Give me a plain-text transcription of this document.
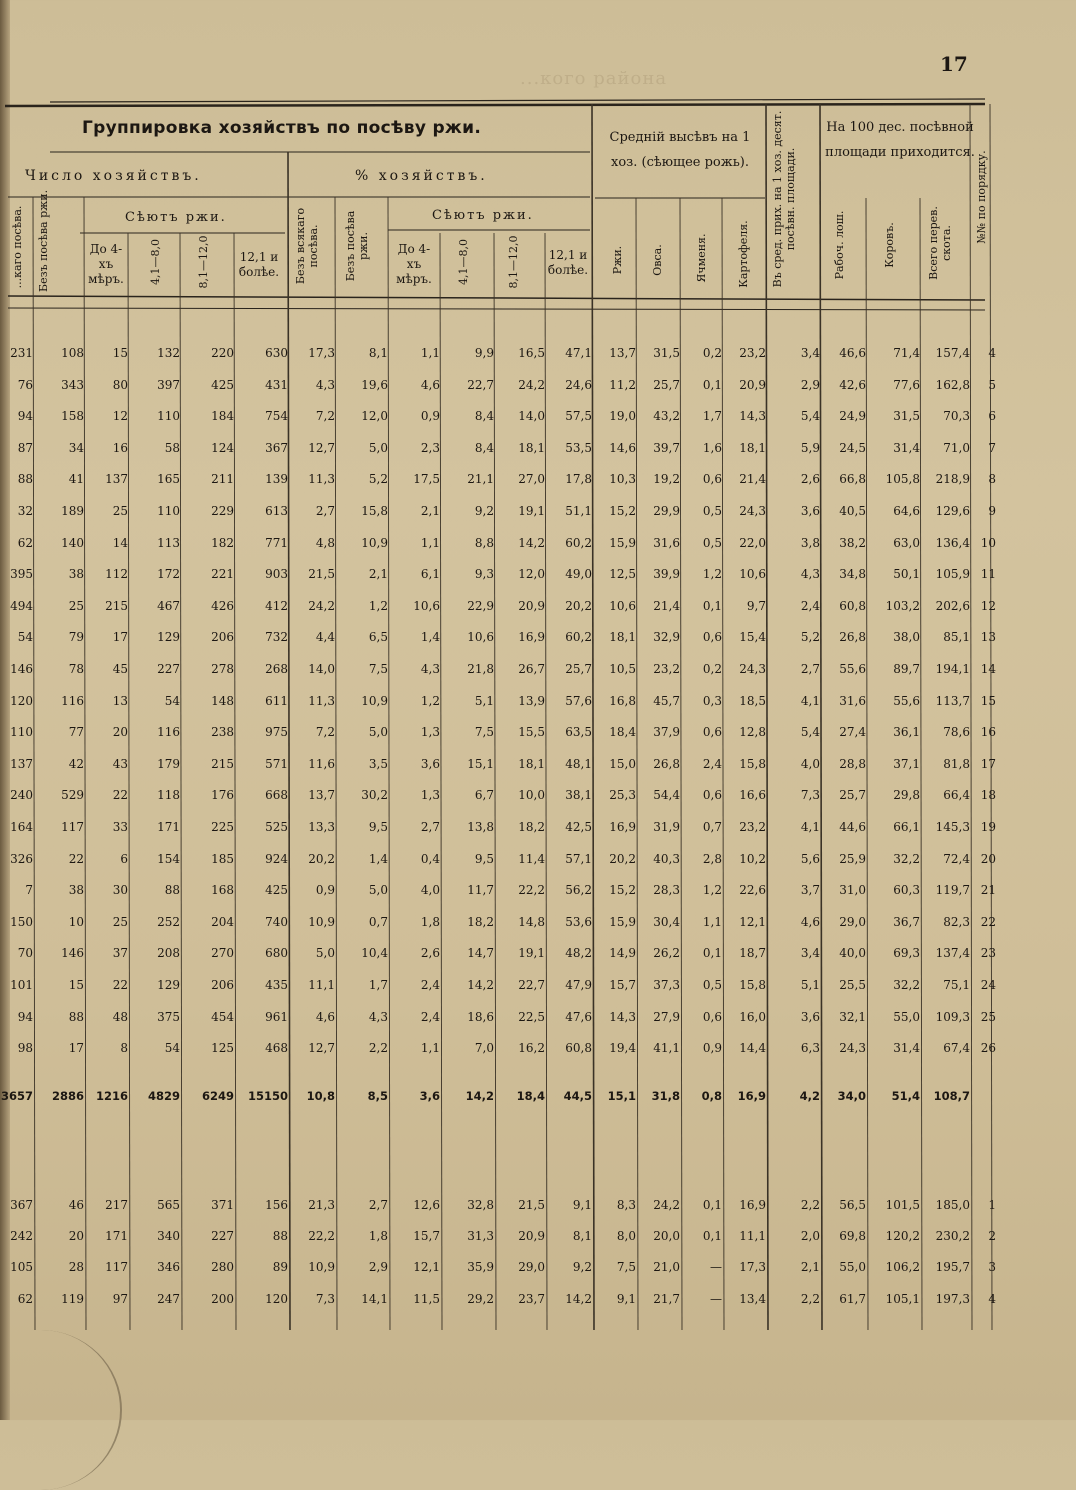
...кого района
17
Группировка хозяйствъ по посѣву ржи.
Число хозяйствъ.	% хозяйствъ.
Сѣютъ ржи.	Сѣютъ ржи.
Среднiй высѣвъ на 1 хоз. (сѣющее рожь).
На 100 дес. посѣвной площади приходится.
До 4-хъ мѣръ.
12,1 и болѣе.
До 4-хъ мѣръ.
12,1 и болѣе.
...каго посѣва. Безъ посѣва ржи.	4,1—8,0	8,1—12,0	Безъ всякаго посѣва. Безъ посѣва ржи.	4,1—8,0	8,1—12,0	Ржи. Овса.	Ячменя.	Картофеля. Въ сред. прих. на 1 хоз. десят. посѣвн. площади.	Рабоч. лош.	Коровъ.	Всего перев. скота. №№ по порядку.
231	108	15	132	220	630	17,3	8,1	1,1	9,9	16,5	47,1	13,7	31,5	0,2	23,2	3,4	46,6	71,4	157,4	4
76	343	80	397	425	431	4,3	19,6	4,6	22,7	24,2	24,6	11,2	25,7	0,1	20,9	2,9	42,6	77,6	162,8	5
94	158	12	110	184	754	7,2	12,0	0,9	8,4	14,0	57,5	19,0	43,2	1,7	14,3	5,4	24,9	31,5	70,3	6
87	34	16	58	124	367	12,7	5,0	2,3	8,4	18,1	53,5	14,6	39,7	1,6	18,1	5,9	24,5	31,4	71,0	7
88	41	137	165	211	139	11,3	5,2	17,5	21,1	27,0	17,8	10,3	19,2	0,6	21,4	2,6	66,8	105,8	218,9	8
32	189	25	110	229	613	2,7	15,8	2,1	9,2	19,1	51,1	15,2	29,9	0,5	24,3	3,6	40,5	64,6	129,6	9
62	140	14	113	182	771	4,8	10,9	1,1	8,8	14,2	60,2	15,9	31,6	0,5	22,0	3,8	38,2	63,0	136,4 10
395	38	112	172	221	903	21,5	2,1	6,1	9,3	12,0	49,0	12,5	39,9	1,2	10,6	4,3	34,8	50,1	105,9 11
494	25	215	467	426	412	24,2	1,2	10,6	22,9	20,9	20,2	10,6	21,4	0,1	9,7	2,4	60,8	103,2	202,6 12
54	79	17	129	206	732	4,4	6,5	1,4	10,6	16,9	60,2	18,1	32,9	0,6	15,4	5,2	26,8	38,0	85,1 13
146	78	45	227	278	268	14,0	7,5	4,3	21,8	26,7	25,7	10,5	23,2	0,2	24,3	2,7	55,6	89,7	194,1 14
120	116	13	54	148	611	11,3	10,9	1,2	5,1	13,9	57,6	16,8	45,7	0,3	18,5	4,1	31,6	55,6	113,7 15
110	77	20	116	238	975	7,2	5,0	1,3	7,5	15,5	63,5	18,4	37,9	0,6	12,8	5,4	27,4	36,1	78,6 16
137	42	43	179	215	571	11,6	3,5	3,6	15,1	18,1	48,1	15,0	26,8	2,4	15,8	4,0	28,8	37,1	81,8 17
240	529	22	118	176	668	13,7	30,2	1,3	6,7	10,0	38,1	25,3	54,4	0,6	16,6	7,3	25,7	29,8	66,4 18
164	117	33	171	225	525	13,3	9,5	2,7	13,8	18,2	42,5	16,9	31,9	0,7	23,2	4,1	44,6	66,1	145,3 19
326	22	6	154	185	924	20,2	1,4	0,4	9,5	11,4	57,1	20,2	40,3	2,8	10,2	5,6	25,9	32,2	72,4 20
7	38	30	88	168	425	0,9	5,0	4,0	11,7	22,2	56,2	15,2	28,3	1,2	22,6	3,7	31,0	60,3	119,7 21
150	10	25	252	204	740	10,9	0,7	1,8	18,2	14,8	53,6	15,9	30,4	1,1	12,1	4,6	29,0	36,7	82,3 22
70	146	37	208	270	680	5,0	10,4	2,6	14,7	19,1	48,2	14,9	26,2	0,1	18,7	3,4	40,0	69,3	137,4 23
101	15	22	129	206	435	11,1	1,7	2,4	14,2	22,7	47,9	15,7	37,3	0,5	15,8	5,1	25,5	32,2	75,1 24
94	88	48	375	454	961	4,6	4,3	2,4	18,6	22,5	47,6	14,3	27,9	0,6	16,0	3,6	32,1	55,0	109,3 25
98	17	8	54	125	468	12,7	2,2	1,1	7,0	16,2	60,8	19,4	41,1	0,9	14,4	6,3	24,3	31,4	67,4 26
3657	2886	1216	4829	6249	15150	10,8	8,5	3,6	14,2	18,4	44,5	15,1	31,8	0,8	16,9	4,2	34,0	51,4	108,7
367	46	217	565	371	156	21,3	2,7	12,6	32,8	21,5	9,1	8,3	24,2	0,1	16,9	2,2	56,5	101,5	185,0	1
242	20	171	340	227	88	22,2	1,8	15,7	31,3	20,9	8,1	8,0	20,0	0,1	11,1	2,0	69,8	120,2	230,2	2
105	28	117	346	280	89	10,9	2,9	12,1	35,9	29,0	9,2	7,5	21,0	—	17,3	2,1	55,0	106,2	195,7	3
62	119	97	247	200	120	7,3	14,1	11,5	29,2	23,7	14,2	9,1	21,7	—	13,4	2,2	61,7	105,1	197,3	4
